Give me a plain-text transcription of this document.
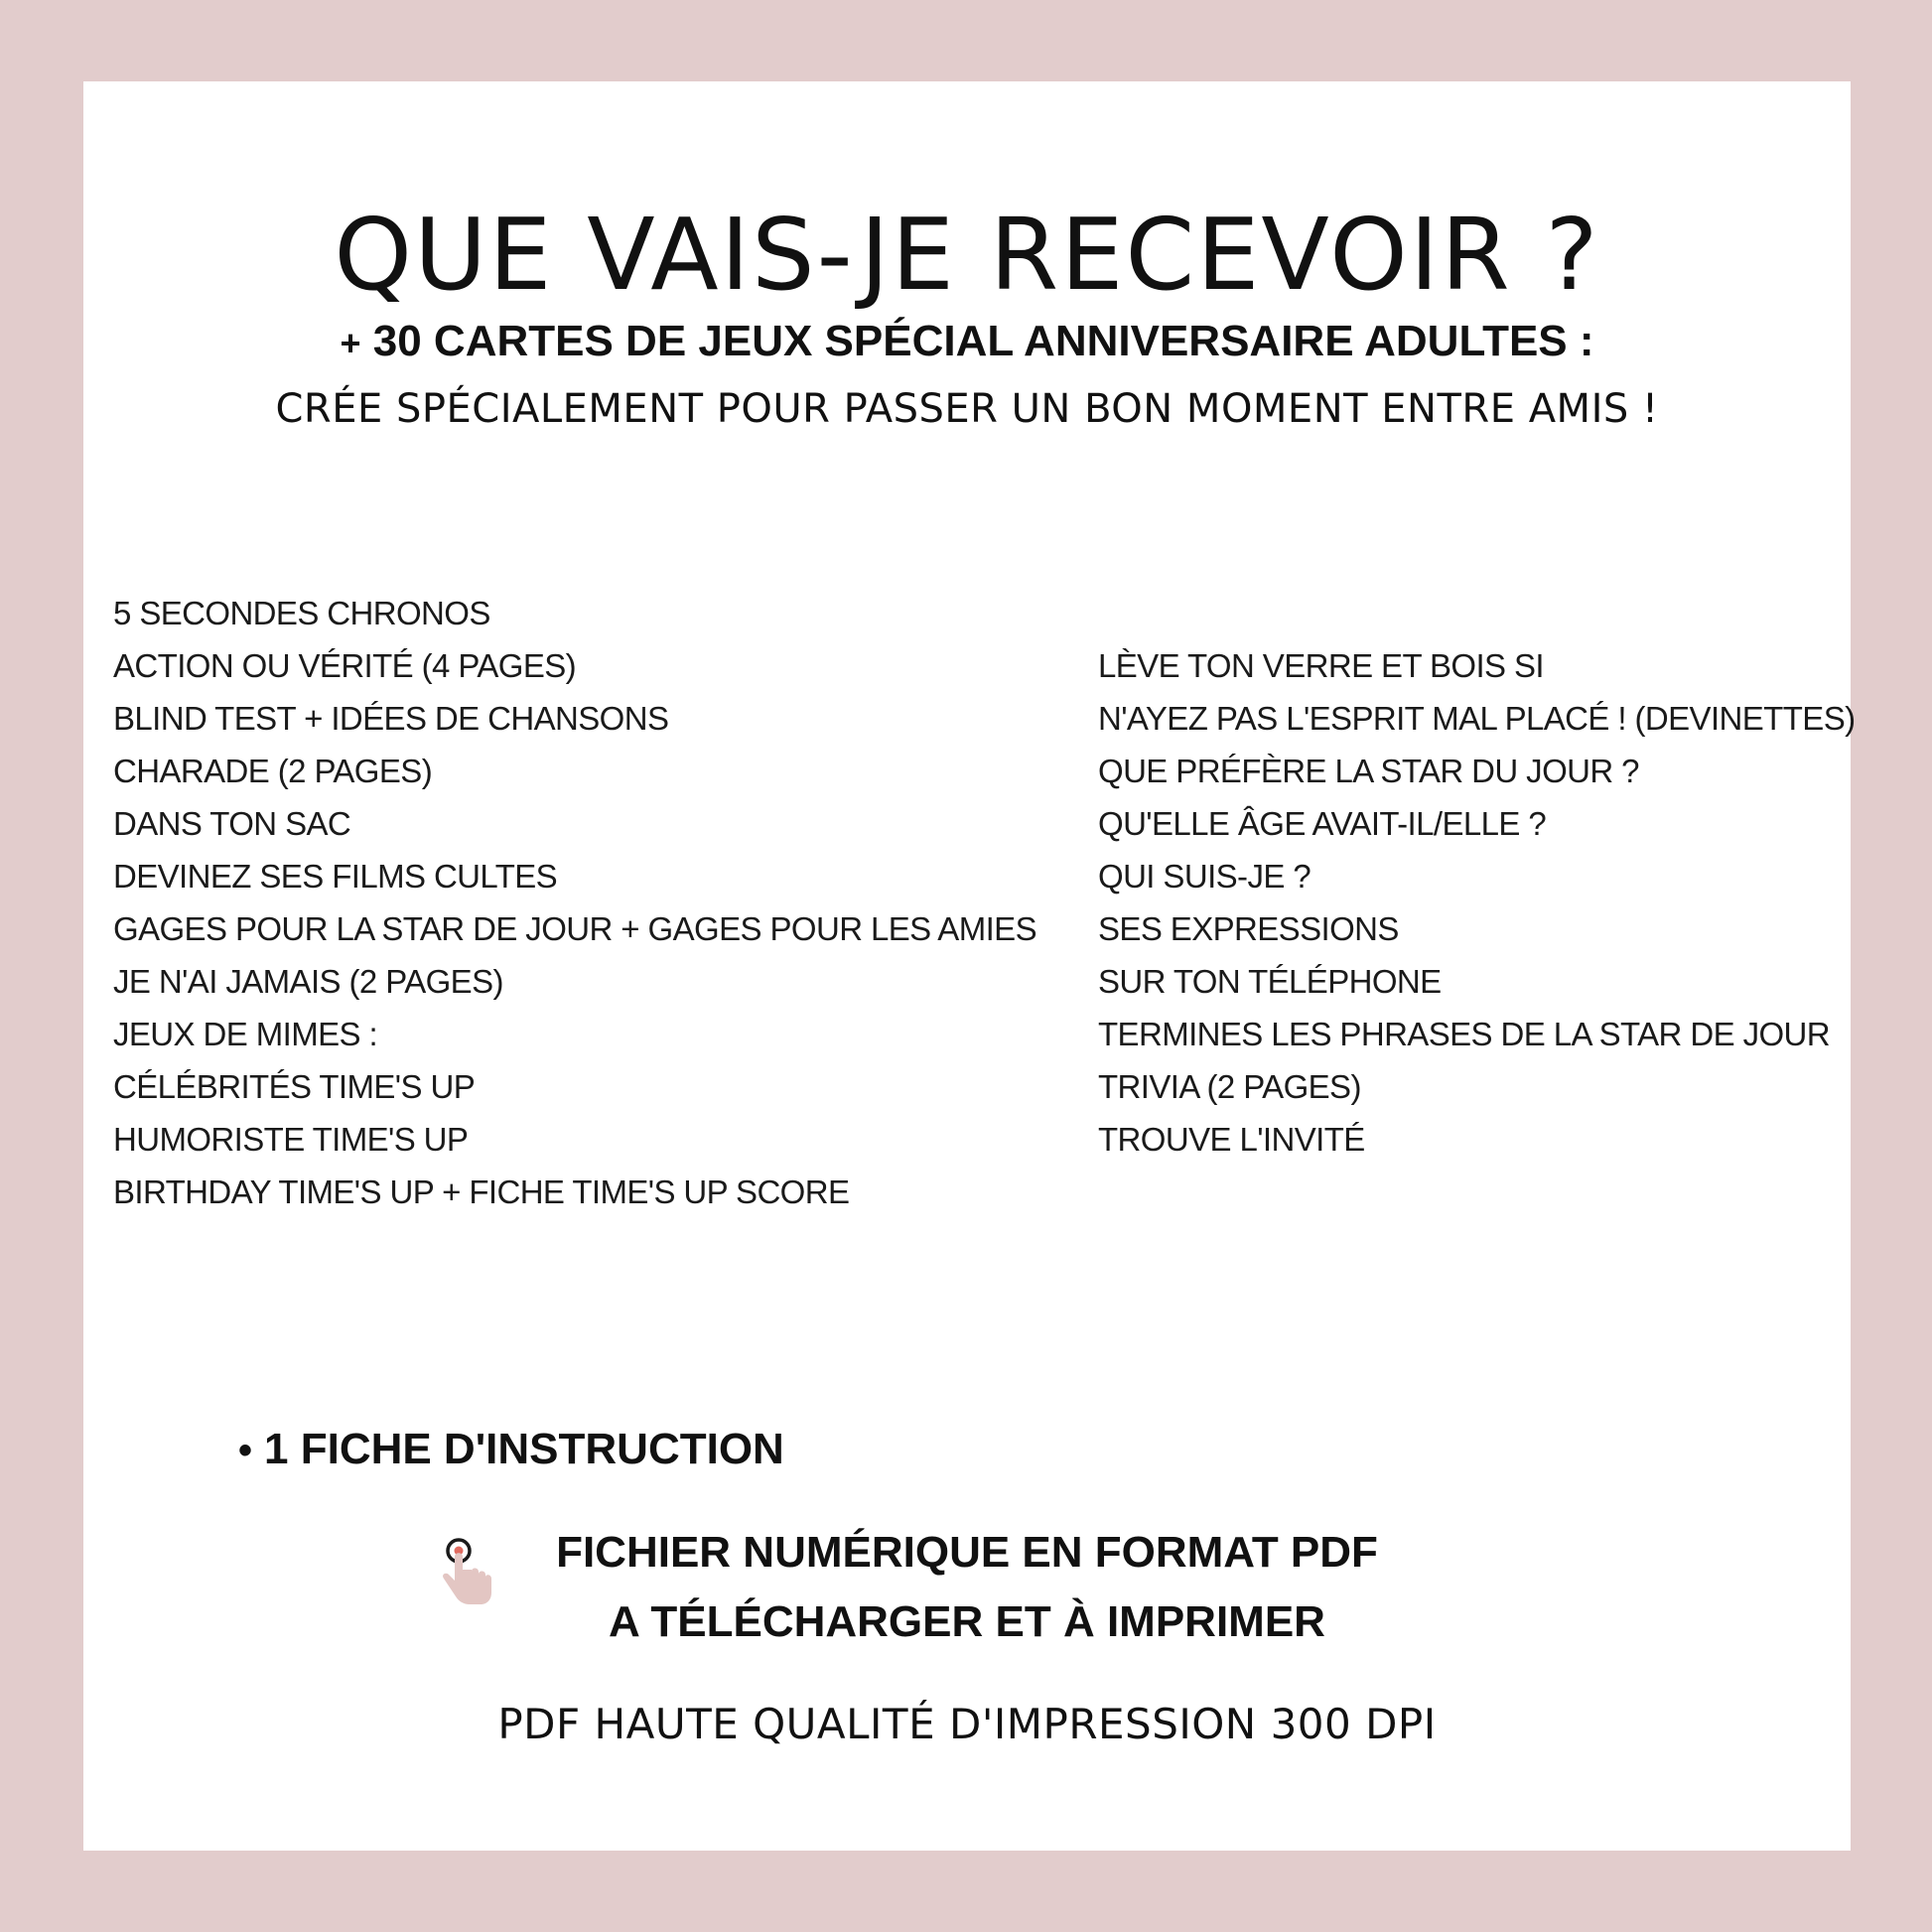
QUE VAIS-JE RECEVOIR ?
+ 30 CARTES DE JEUX SPÉCIAL ANNIVERSAIRE ADULTES :
CRÉE SPÉCIALEMENT POUR PASSER UN BON MOMENT ENTRE AMIS !
5 SECONDES CHRONOS
ACTION OU VÉRITÉ (4 PAGES)
BLIND TEST + IDÉES DE CHANSONS
CHARADE (2 PAGES)
DANS TON SAC
DEVINEZ SES FILMS CULTES
GAGES POUR LA STAR DE JOUR + GAGES POUR LES AMIES
JE N'AI JAMAIS (2 PAGES)
JEUX DE MIMES :
CÉLÉBRITÉS TIME'S UP
HUMORISTE TIME'S UP
BIRTHDAY TIME'S UP + FICHE TIME'S UP SCORE
LÈVE TON VERRE ET BOIS SI
N'AYEZ PAS L'ESPRIT MAL PLACÉ ! (DEVINETTES)
QUE PRÉFÈRE LA STAR DU JOUR ?
QU'ELLE ÂGE AVAIT-IL/ELLE ?
QUI SUIS-JE ?
SES EXPRESSIONS
SUR TON TÉLÉPHONE
TERMINES LES PHRASES DE LA STAR DE JOUR
TRIVIA (2 PAGES)
TROUVE L'INVITÉ
• 1 FICHE D'INSTRUCTION
FICHIER NUMÉRIQUE EN FORMAT PDF
A TÉLÉCHARGER ET À IMPRIMER
PDF HAUTE QUALITÉ D'IMPRESSION 300 DPI
